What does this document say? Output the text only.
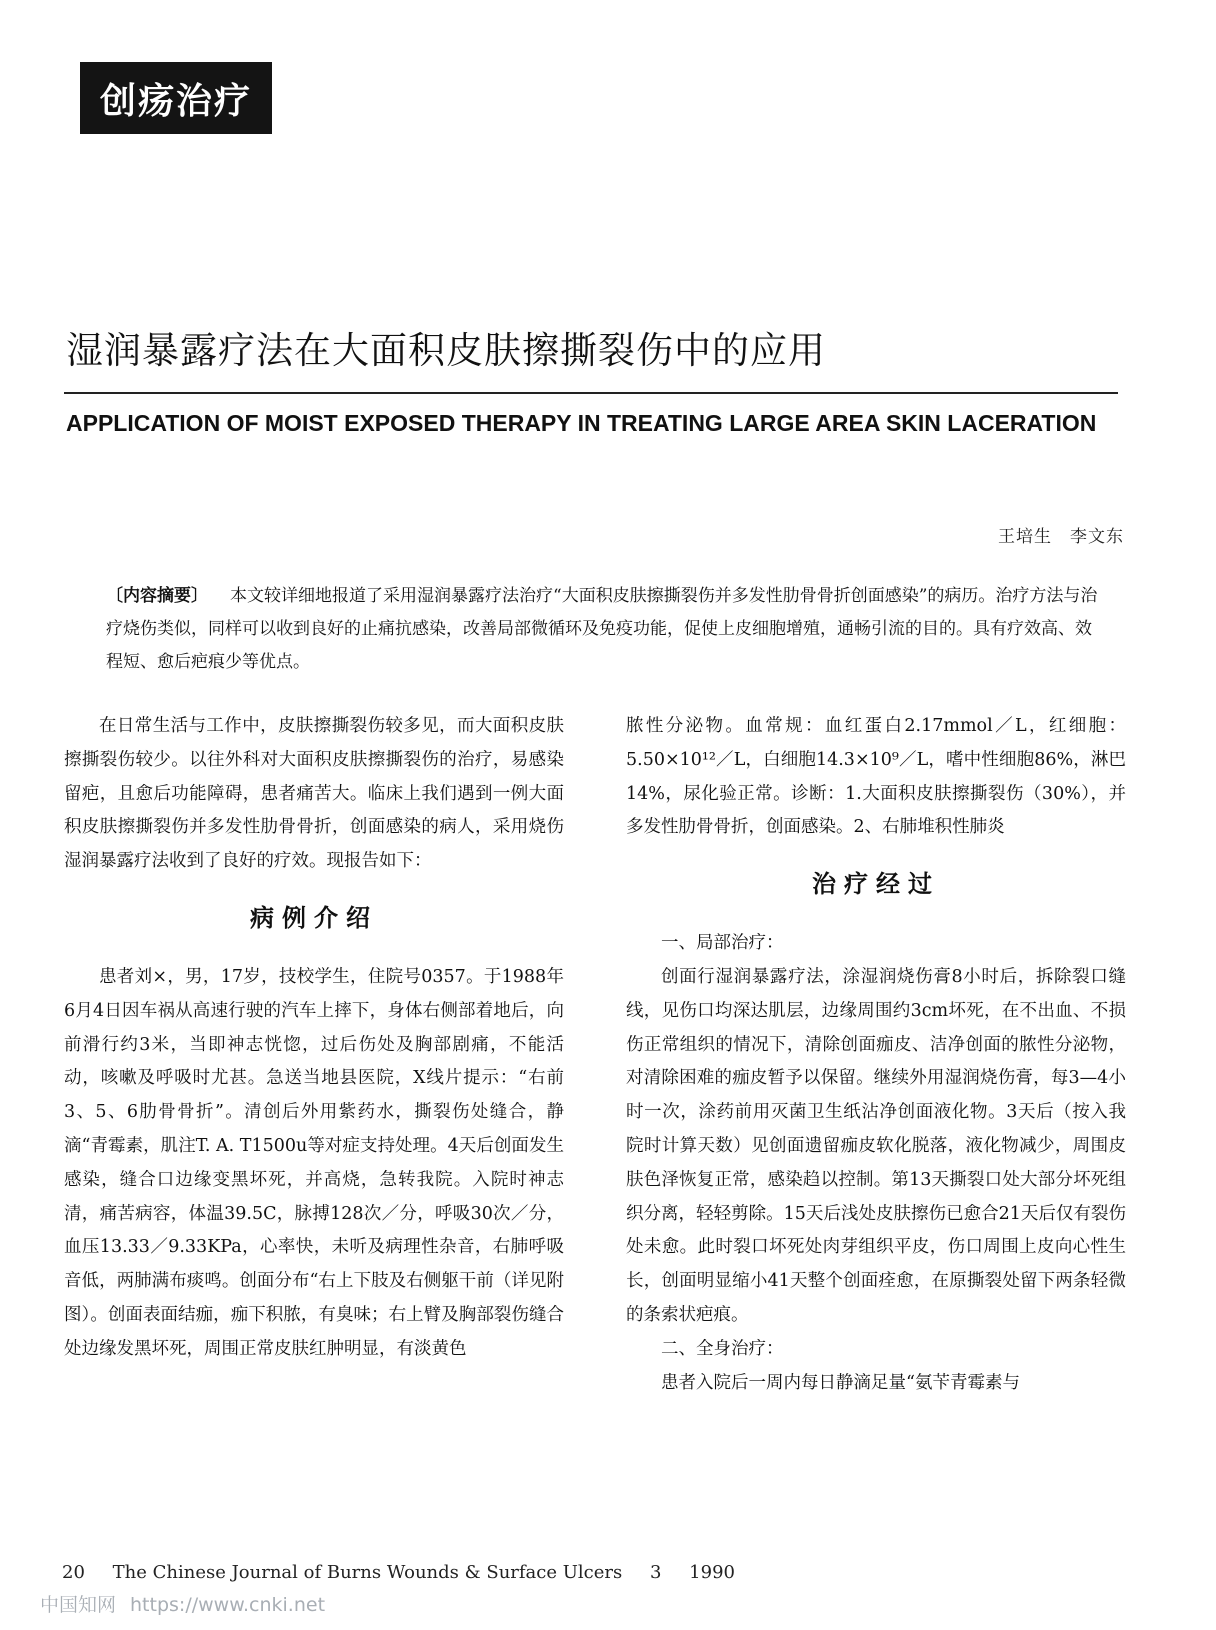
创疡治疗
湿润暴露疗法在大面积皮肤擦撕裂伤中的应用
APPLICATION OF MOIST EXPOSED THERAPY IN TREATING LARGE AREA SKIN LACERATION
王培生　李文东
〔内容摘要〕 本文较详细地报道了采用湿润暴露疗法治疗“大面积皮肤擦撕裂伤并多发性肋骨骨折创面感染”的病历。治疗方法与治疗烧伤类似，同样可以收到良好的止痛抗感染，改善局部微循环及免疫功能，促使上皮细胞增殖，通畅引流的目的。具有疗效高、效程短、愈后疤痕少等优点。

在日常生活与工作中，皮肤擦撕裂伤较多见，而大面积皮肤擦撕裂伤较少。以往外科对大面积皮肤擦撕裂伤的治疗，易感染留疤，且愈后功能障碍，患者痛苦大。临床上我们遇到一例大面积皮肤擦撕裂伤并多发性肋骨骨折，创面感染的病人，采用烧伤湿润暴露疗法收到了良好的疗效。现报告如下：

病例介绍

患者刘×，男，17岁，技校学生，住院号0357。于1988年6月4日因车祸从高速行驶的汽车上摔下，身体右侧部着地后，向前滑行约3米，当即神志恍惚，过后伤处及胸部剧痛，不能活动，咳嗽及呼吸时尤甚。急送当地县医院，X线片提示：“右前3、5、6肋骨骨折”。清创后外用紫药水，撕裂伤处缝合，静滴“青霉素，肌注T. A. T1500u等对症支持处理。4天后创面发生感染，缝合口边缘变黑坏死，并高烧，急转我院。入院时神志清，痛苦病容，体温39.5C，脉搏128次／分，呼吸30次／分，血压13.33／9.33KPa，心率快，未听及病理性杂音，右肺呼吸音低，两肺满布痰鸣。创面分布“右上下肢及右侧躯干前（详见附图）。创面表面结痂，痂下积脓，有臭味；右上臂及胸部裂伤缝合处边缘发黑坏死，周围正常皮肤红肿明显，有淡黄色

脓性分泌物。血常规：血红蛋白2.17mmol／L，红细胞：5.50×10¹²／L，白细胞14.3×10⁹／L，嗜中性细胞86%，淋巴14%，尿化验正常。诊断：1.大面积皮肤擦撕裂伤（30%），并多发性肋骨骨折，创面感染。2、右肺堆积性肺炎

治疗经过

一、局部治疗：

创面行湿润暴露疗法，涂湿润烧伤膏8小时后，拆除裂口缝线，见伤口均深达肌层，边缘周围约3cm坏死，在不出血、不损伤正常组织的情况下，清除创面痂皮、洁净创面的脓性分泌物，对清除困难的痂皮暂予以保留。继续外用湿润烧伤膏，每3—4小时一次，涂药前用灭菌卫生纸沾净创面液化物。3天后（按入我院时计算天数）见创面遗留痂皮软化脱落，液化物减少，周围皮肤色泽恢复正常，感染趋以控制。第13天撕裂口处大部分坏死组织分离，轻轻剪除。15天后浅处皮肤擦伤已愈合21天后仅有裂伤处未愈。此时裂口坏死处肉芽组织平皮，伤口周围上皮向心性生长，创面明显缩小41天整个创面痊愈，在原撕裂处留下两条轻微的条索状疤痕。

二、全身治疗：

患者入院后一周内每日静滴足量“氨苄青霉素与

20 The Chinese Journal of Burns Wounds & Surface Ulcers 3 1990
中国知网 https://www.cnki.net
